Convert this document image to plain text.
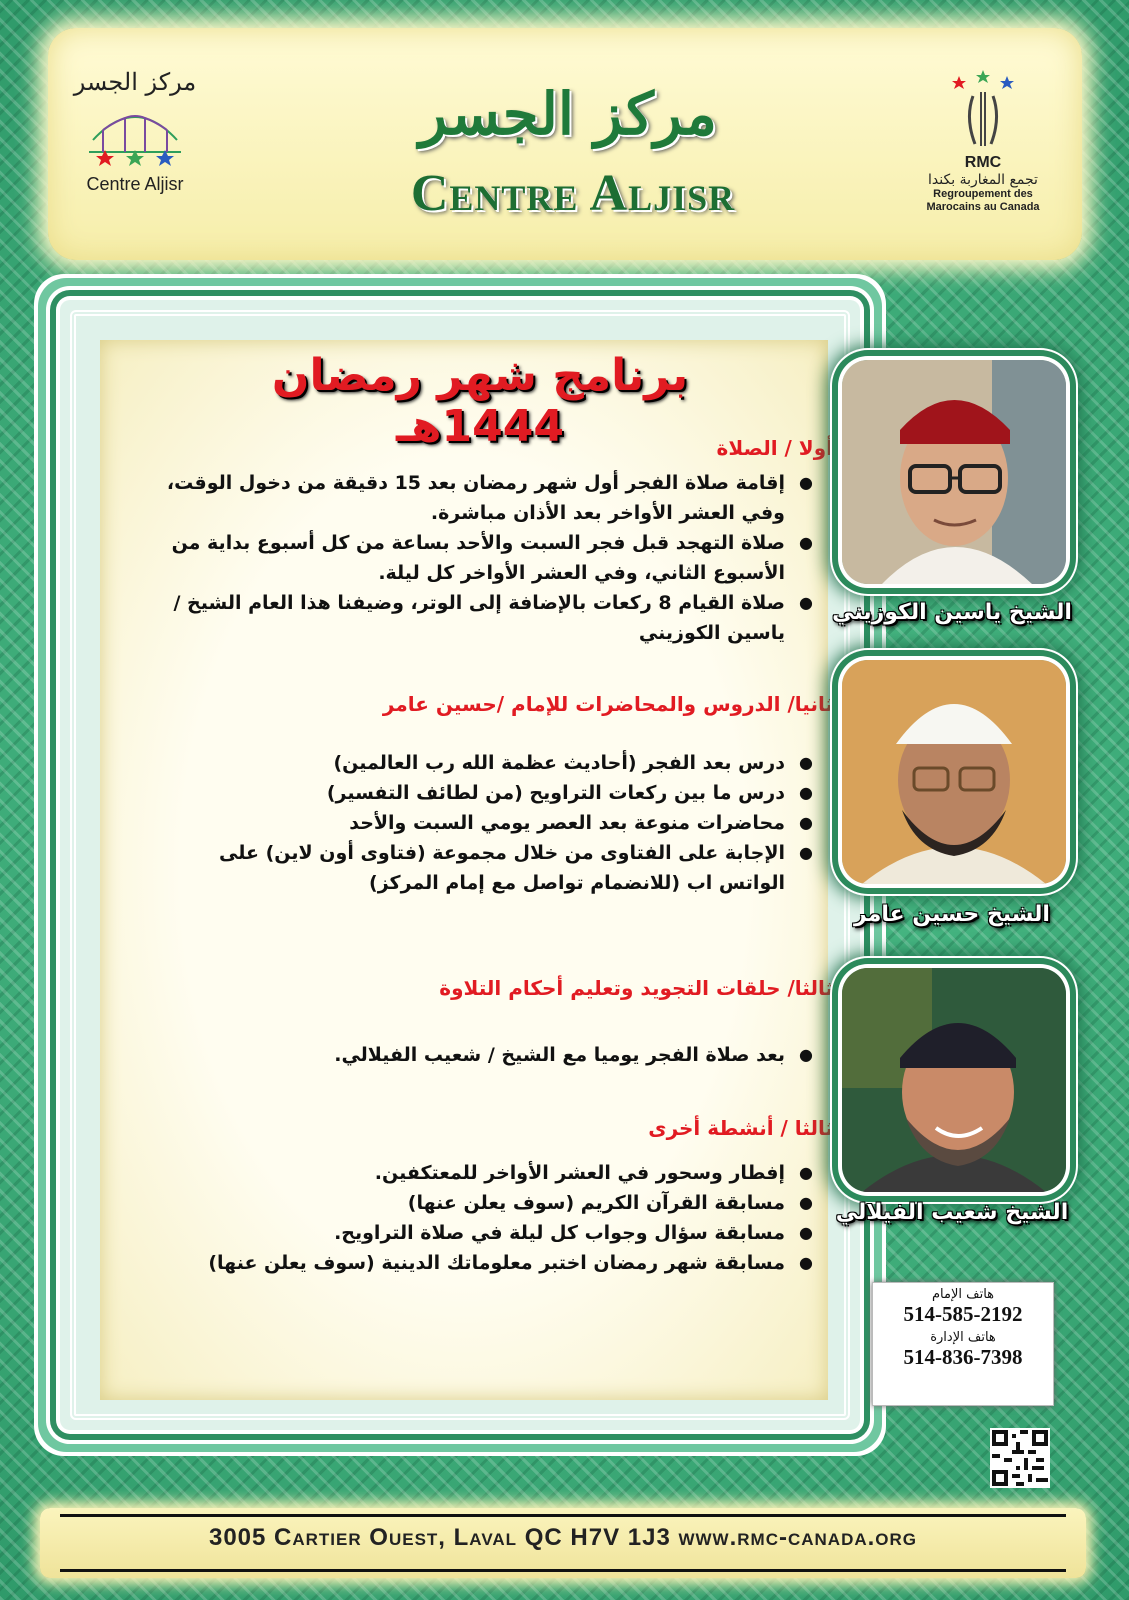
مركز الجسر
Centre Aljisr
مركز الجسر
Centre Aljisr
RMC
تجمع المغاربة بكندا
Regroupement des
Marocains au Canada
برنامج شهر رمضان 1444هـ	أولا / الصلاة
● إقامة صلاة الفجر أول شهر رمضان بعد 15 دقيقة من دخول الوقت، وفي العشر الأواخر بعد الأذان مباشرة.
● صلاة التهجد قبل فجر السبت والأحد بساعة من كل أسبوع بداية من الأسبوع الثاني، وفي العشر الأواخر كل ليلة.
● صلاة القيام 8 ركعات بالإضافة إلى الوتر، وضيفنا هذا العام الشيخ / ياسين الكوزيني
ثانيا/ الدروس والمحاضرات للإمام /حسين عامر
● درس بعد الفجر (أحاديث عظمة الله رب العالمين)
● درس ما بين ركعات التراويح (من لطائف التفسير)
● محاضرات منوعة بعد العصر يومي السبت والأحد
● الإجابة على الفتاوى من خلال مجموعة (فتاوى أون لاين) على الواتس اب (للانضمام تواصل مع إمام المركز)
ثالثا/ حلقات التجويد وتعليم أحكام التلاوة
● بعد صلاة الفجر يوميا مع الشيخ / شعيب الفيلالي.
ثالثا / أنشطة أخرى
● إفطار وسحور في العشر الأواخر للمعتكفين.
● مسابقة القرآن الكريم (سوف يعلن عنها)
● مسابقة سؤال وجواب كل ليلة في صلاة التراويح.
● مسابقة شهر رمضان اختبر معلوماتك الدينية (سوف يعلن عنها)
الشيخ ياسين الكوزيني
الشيخ حسين عامر
الشيخ شعيب الفيلالي
هاتف الإمام
514-585-2192
هاتف الإدارة
514-836-7398
3005 Cartier Ouest, Laval QC H7V 1J3 www.rmc-canada.org
